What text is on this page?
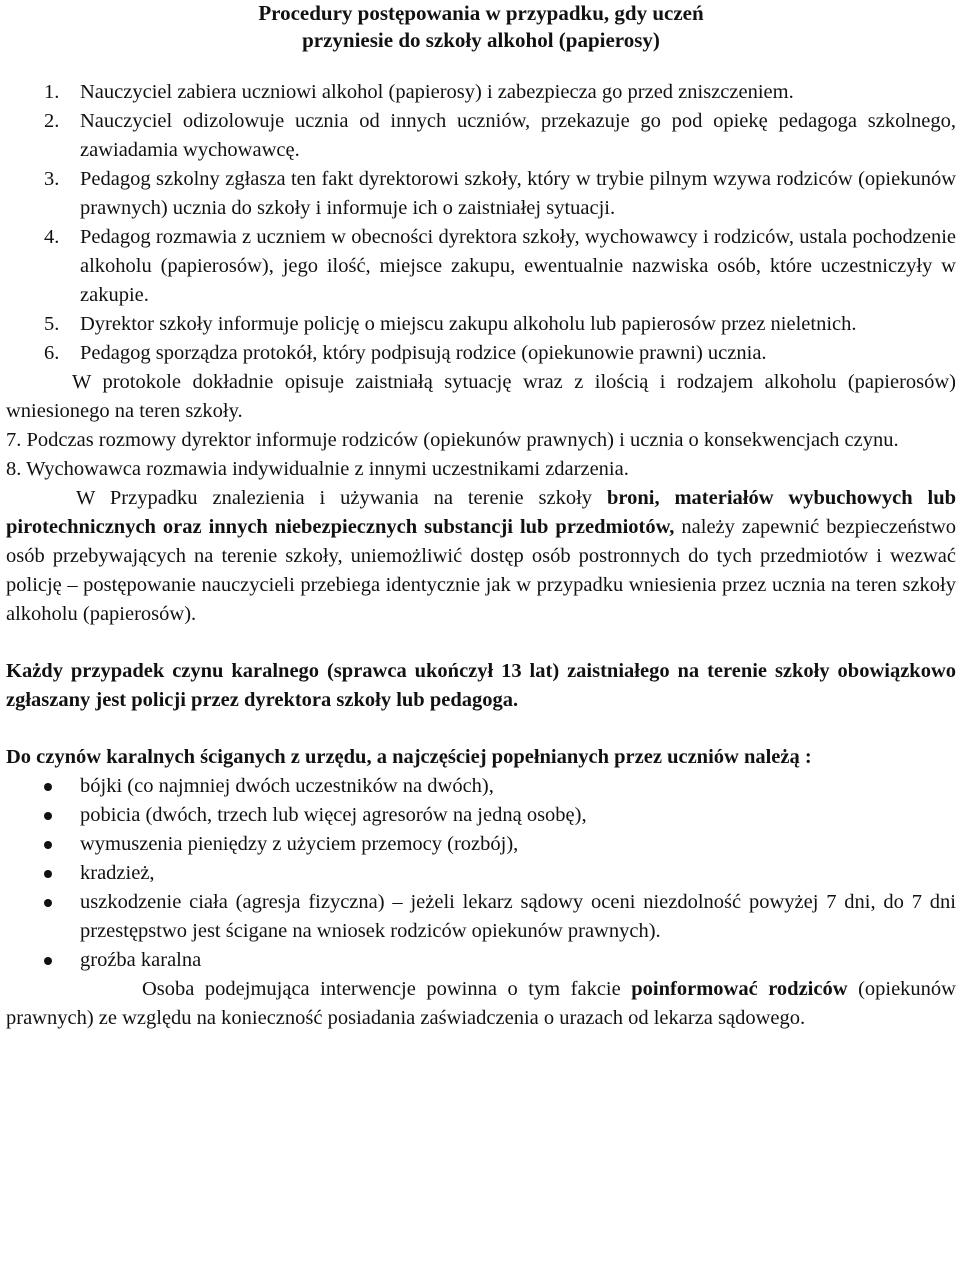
Procedury postępowania w przypadku, gdy uczeń
przyniesie do szkoły alkohol (papierosy)
1. Nauczyciel zabiera uczniowi alkohol (papierosy) i zabezpiecza go przed zniszczeniem.
2. Nauczyciel odizolowuje ucznia od innych uczniów, przekazuje go pod opiekę pedagoga szkolnego, zawiadamia wychowawcę.
3. Pedagog szkolny zgłasza ten fakt dyrektorowi szkoły, który w trybie pilnym wzywa rodziców (opiekunów prawnych) ucznia do szkoły i informuje ich o zaistniałej sytuacji.
4. Pedagog rozmawia z uczniem w obecności dyrektora szkoły, wychowawcy i rodziców, ustala pochodzenie alkoholu (papierosów), jego ilość, miejsce zakupu, ewentualnie nazwiska osób, które uczestniczyły w zakupie.
5. Dyrektor szkoły informuje policję o miejscu zakupu alkoholu lub papierosów przez nieletnich.
6. Pedagog sporządza protokół, który podpisują rodzice (opiekunowie prawni) ucznia.

W protokole dokładnie opisuje zaistniałą sytuację wraz z ilością i rodzajem alkoholu (papierosów) wniesionego na teren szkoły.

7. Podczas rozmowy dyrektor informuje rodziców (opiekunów prawnych) i ucznia o konsekwencjach czynu.

8. Wychowawca rozmawia indywidualnie z innymi uczestnikami zdarzenia.

W Przypadku znalezienia i używania na terenie szkoły broni, materiałów wybuchowych lub pirotechnicznych oraz innych niebezpiecznych substancji lub przedmiotów, należy zapewnić bezpieczeństwo osób przebywających na terenie szkoły, uniemożliwić dostęp osób postronnych do tych przedmiotów i wezwać policję – postępowanie nauczycieli przebiega identycznie jak w przypadku wniesienia przez ucznia na teren szkoły alkoholu (papierosów).

Każdy przypadek czynu karalnego (sprawca ukończył 13 lat) zaistniałego na terenie szkoły obowiązkowo zgłaszany jest policji przez dyrektora szkoły lub pedagoga.

Do czynów karalnych ściganych z urzędu, a najczęściej popełnianych przez uczniów należą :

bójki (co najmniej dwóch uczestników na dwóch),
pobicia (dwóch, trzech lub więcej agresorów na jedną osobę),
wymuszenia pieniędzy z użyciem przemocy (rozbój),
kradzież,
uszkodzenie ciała (agresja fizyczna) – jeżeli lekarz sądowy oceni niezdolność powyżej 7 dni, do 7 dni przestępstwo jest ścigane na wniosek rodziców opiekunów prawnych).
groźba karalna

Osoba podejmująca interwencje powinna o tym fakcie poinformować rodziców (opiekunów prawnych) ze względu na konieczność posiadania zaświadczenia o urazach od lekarza sądowego.
